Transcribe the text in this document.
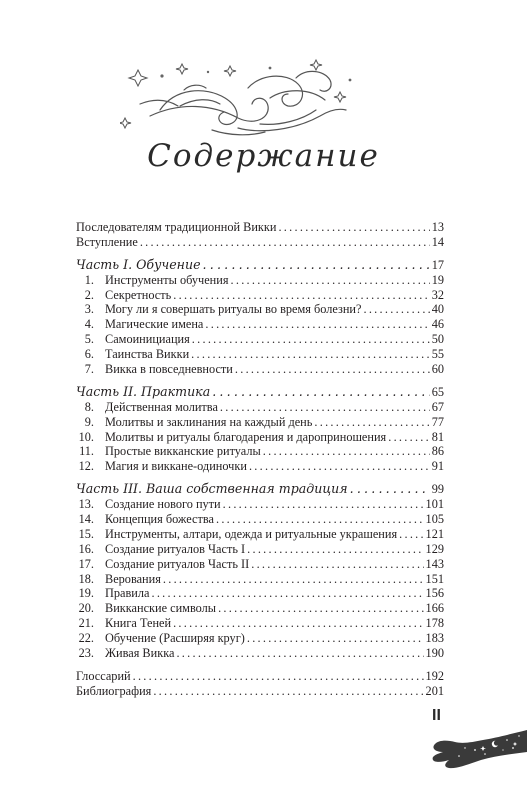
Содержание
Последователям традиционной Викки . . .	13
Вступление . . .	14
Часть I. Обучение . . .	17
1. Инструменты обучения . . .	19
2. Секретность . . .	32
3. Могу ли я совершать ритуалы во время болезни? . . .	40
4. Магические имена . . .	46
5. Самоинициация . . .	50
6. Таинства Викки . . .	55
7. Викка в повседневности . . .	60
Часть II. Практика . . .	65
8. Действенная молитва . . .	67
9. Молитвы и заклинания на каждый день . . .	77
10. Молитвы и ритуалы благодарения и дароприношения . . .	81
11. Простые викканские ритуалы . . .	86
12. Магия и виккане-одиночки . . .	91
Часть III. Ваша собственная традиция . . .	99
13. Создание нового пути . . .	101
14. Концепция божества . . .	105
15. Инструменты, алтари, одежда и ритуальные украшения . . . 121
16. Создание ритуалов Часть I . . .	129
17. Создание ритуалов Часть II . . .	143
18. Верования . . .	151
19. Правила . . .	156
20. Викканские символы . . .	166
21. Книга Теней . . .	178
22. Обучение (Расширяя круг) . . .	183
23. Живая Викка . . .	190
Глоссарий . . .	192
Библиография . . .	201
II
